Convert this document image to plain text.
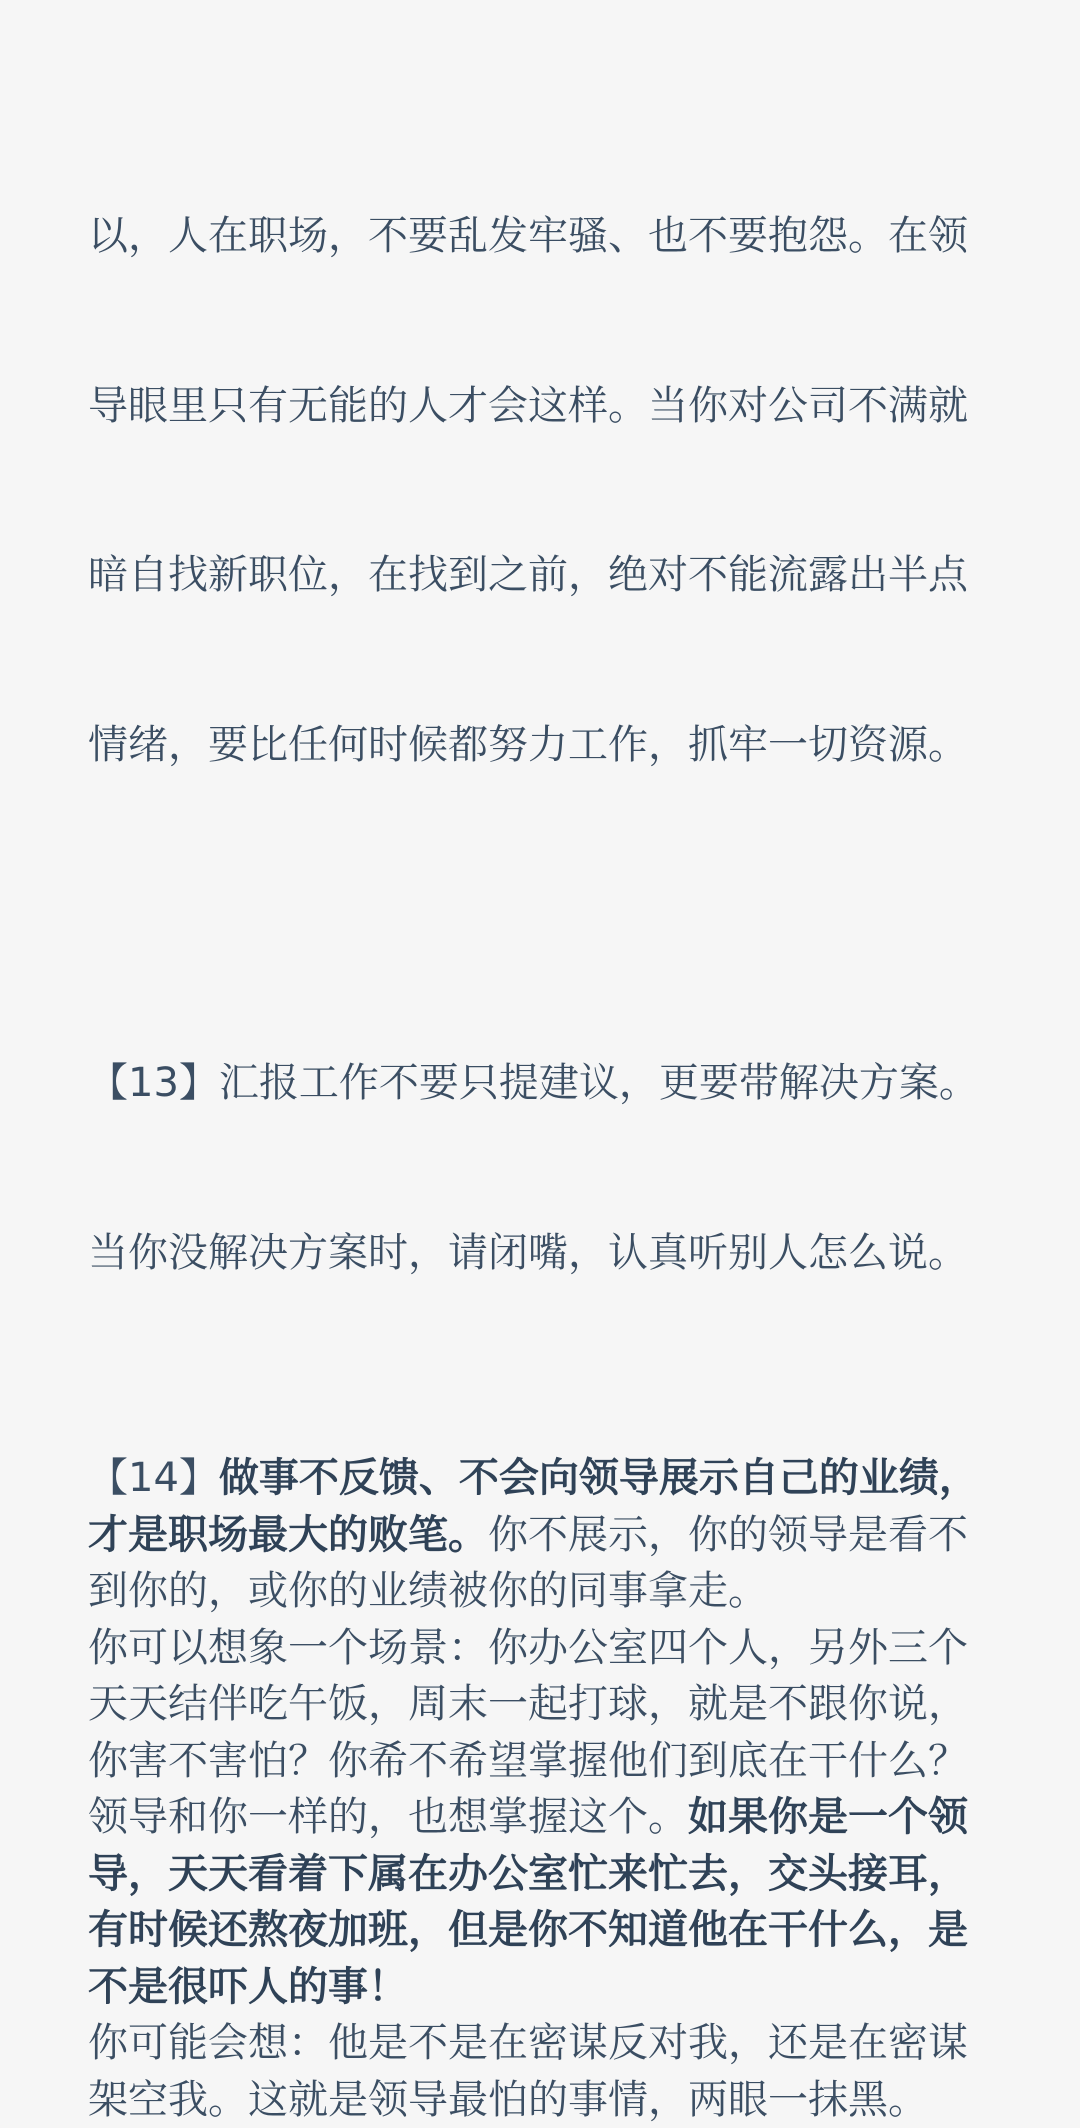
以，人在职场，不要乱发牢骚、也不要抱怨。在领

导眼里只有无能的人才会这样。当你对公司不满就

暗自找新职位，在找到之前，绝对不能流露出半点

情绪，要比任何时候都努力工作，抓牢一切资源。

【13】汇报工作不要只提建议，更要带解决方案。

当你没解决方案时，请闭嘴，认真听别人怎么说。

【14】做事不反馈、不会向领导展示自己的业绩，
才是职场最大的败笔。你不展示，你的领导是看不
到你的，或你的业绩被你的同事拿走。
你可以想象一个场景：你办公室四个人，另外三个
天天结伴吃午饭，周末一起打球，就是不跟你说，
你害不害怕？你希不希望掌握他们到底在干什么？
领导和你一样的，也想掌握这个。如果你是一个领
导，天天看着下属在办公室忙来忙去，交头接耳，
有时候还熬夜加班，但是你不知道他在干什么，是
不是很吓人的事！
你可能会想：他是不是在密谋反对我，还是在密谋
架空我。这就是领导最怕的事情，两眼一抹黑。
